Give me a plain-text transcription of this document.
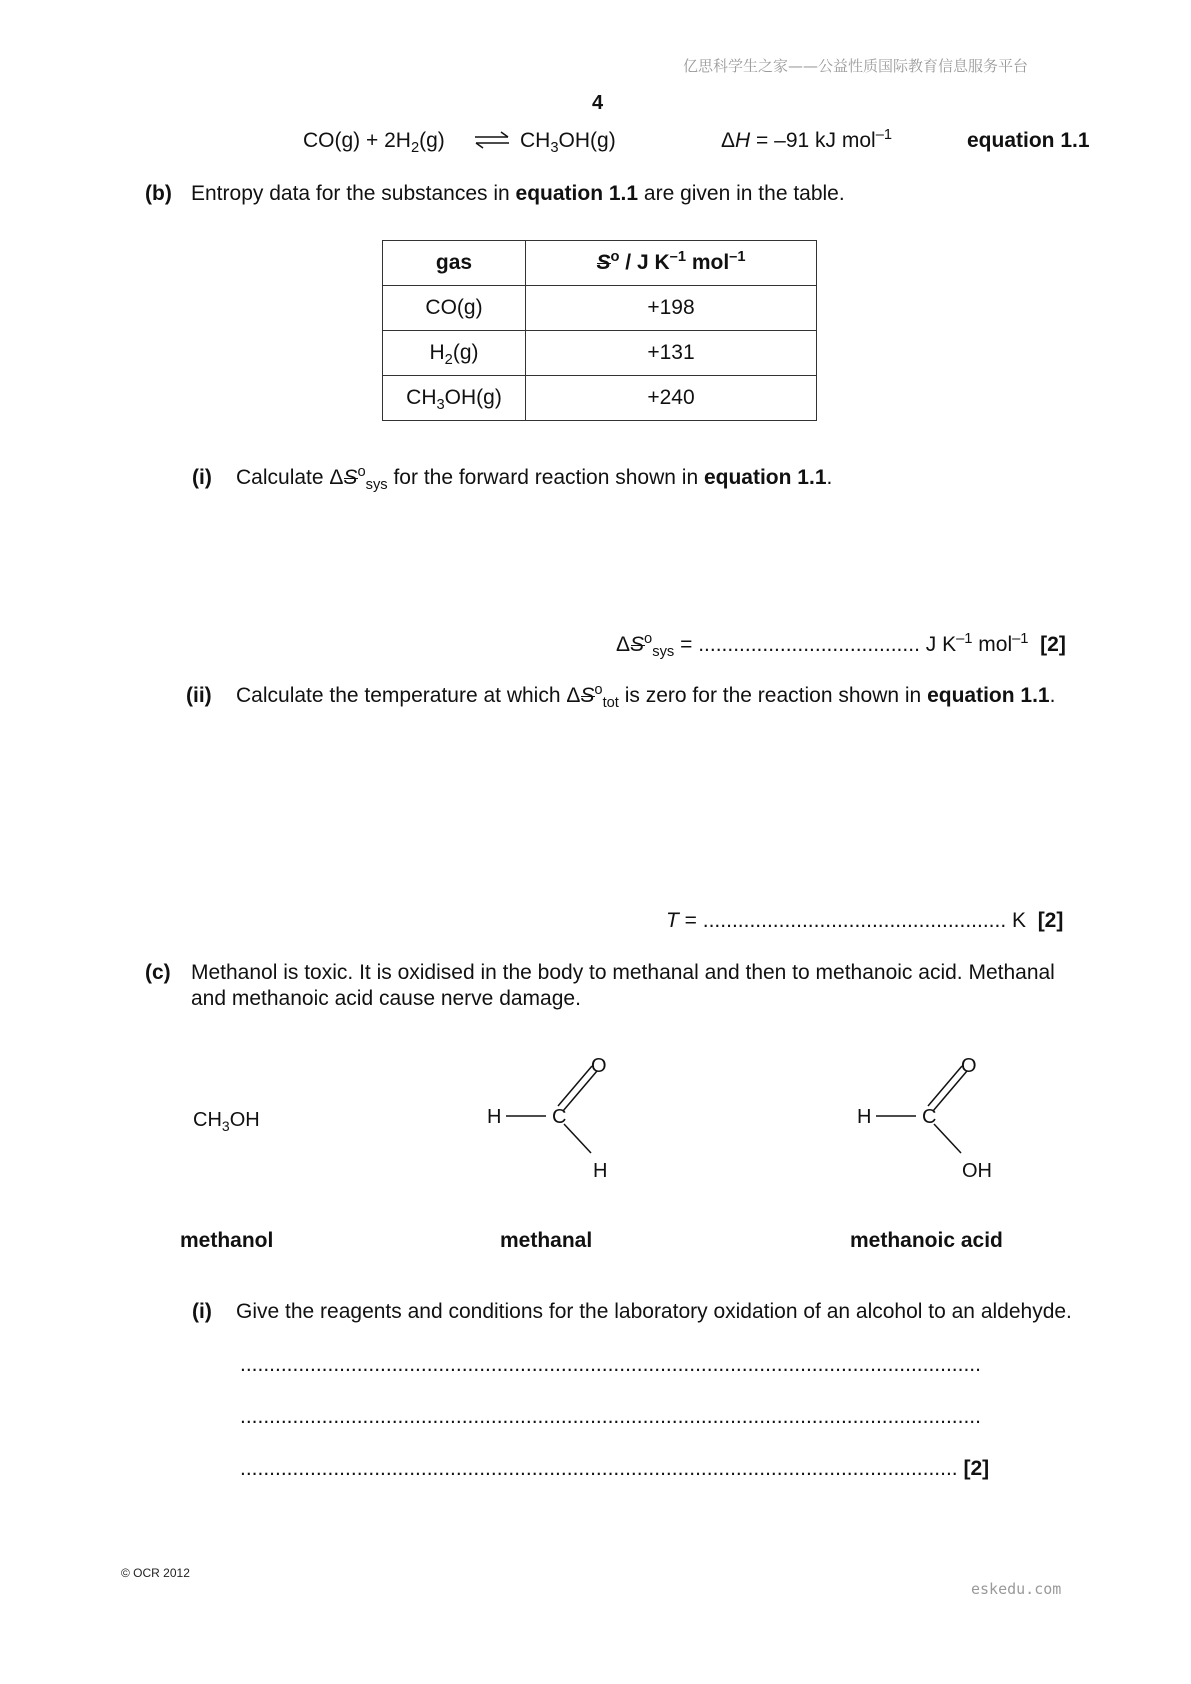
亿思科学生之家——公益性质国际教育信息服务平台
4
$CO(g) + 2H_2(g)$ ⇌ $CH_3OH(g)$	ΔH = –91 kJ mol$^{-1}$	equation 1.1
(b) Entropy data for the substances in equation 1.1 are given in the table.
gas	$S^o$ / J $K^{-1}$ mol$^{-1}$
CO(g)	+198
$H_2(g)$	+131
$CH_3OH(g)$	+240
(i) Calculate $\Delta S^o_{sys}$ for the forward reaction shown in equation 1.1.
$\Delta S^o_{sys}$ = ...................................... J $K^{-1}$ mol$^{-1}$ [2]
(ii) Calculate the temperature at which $\Delta S^o_{tot}$ is zero for the reaction shown in equation 1.1.
T = .................................................... K [2]
(c) Methanol is toxic. It is oxidised in the body to methanal and then to methanoic acid. Methanal
and methanoic acid cause nerve damage.
$CH_3OH$
O
H	C
H
O
H	C
OH
methanol	methanal	methanoic acid
(i) Give the reagents and conditions for the laboratory oxidation of an alcohol to an aldehyde.
...............................................................................................................................
...............................................................................................................................
........................................................................................................................... [2]
© OCR 2012
eskedu.com
